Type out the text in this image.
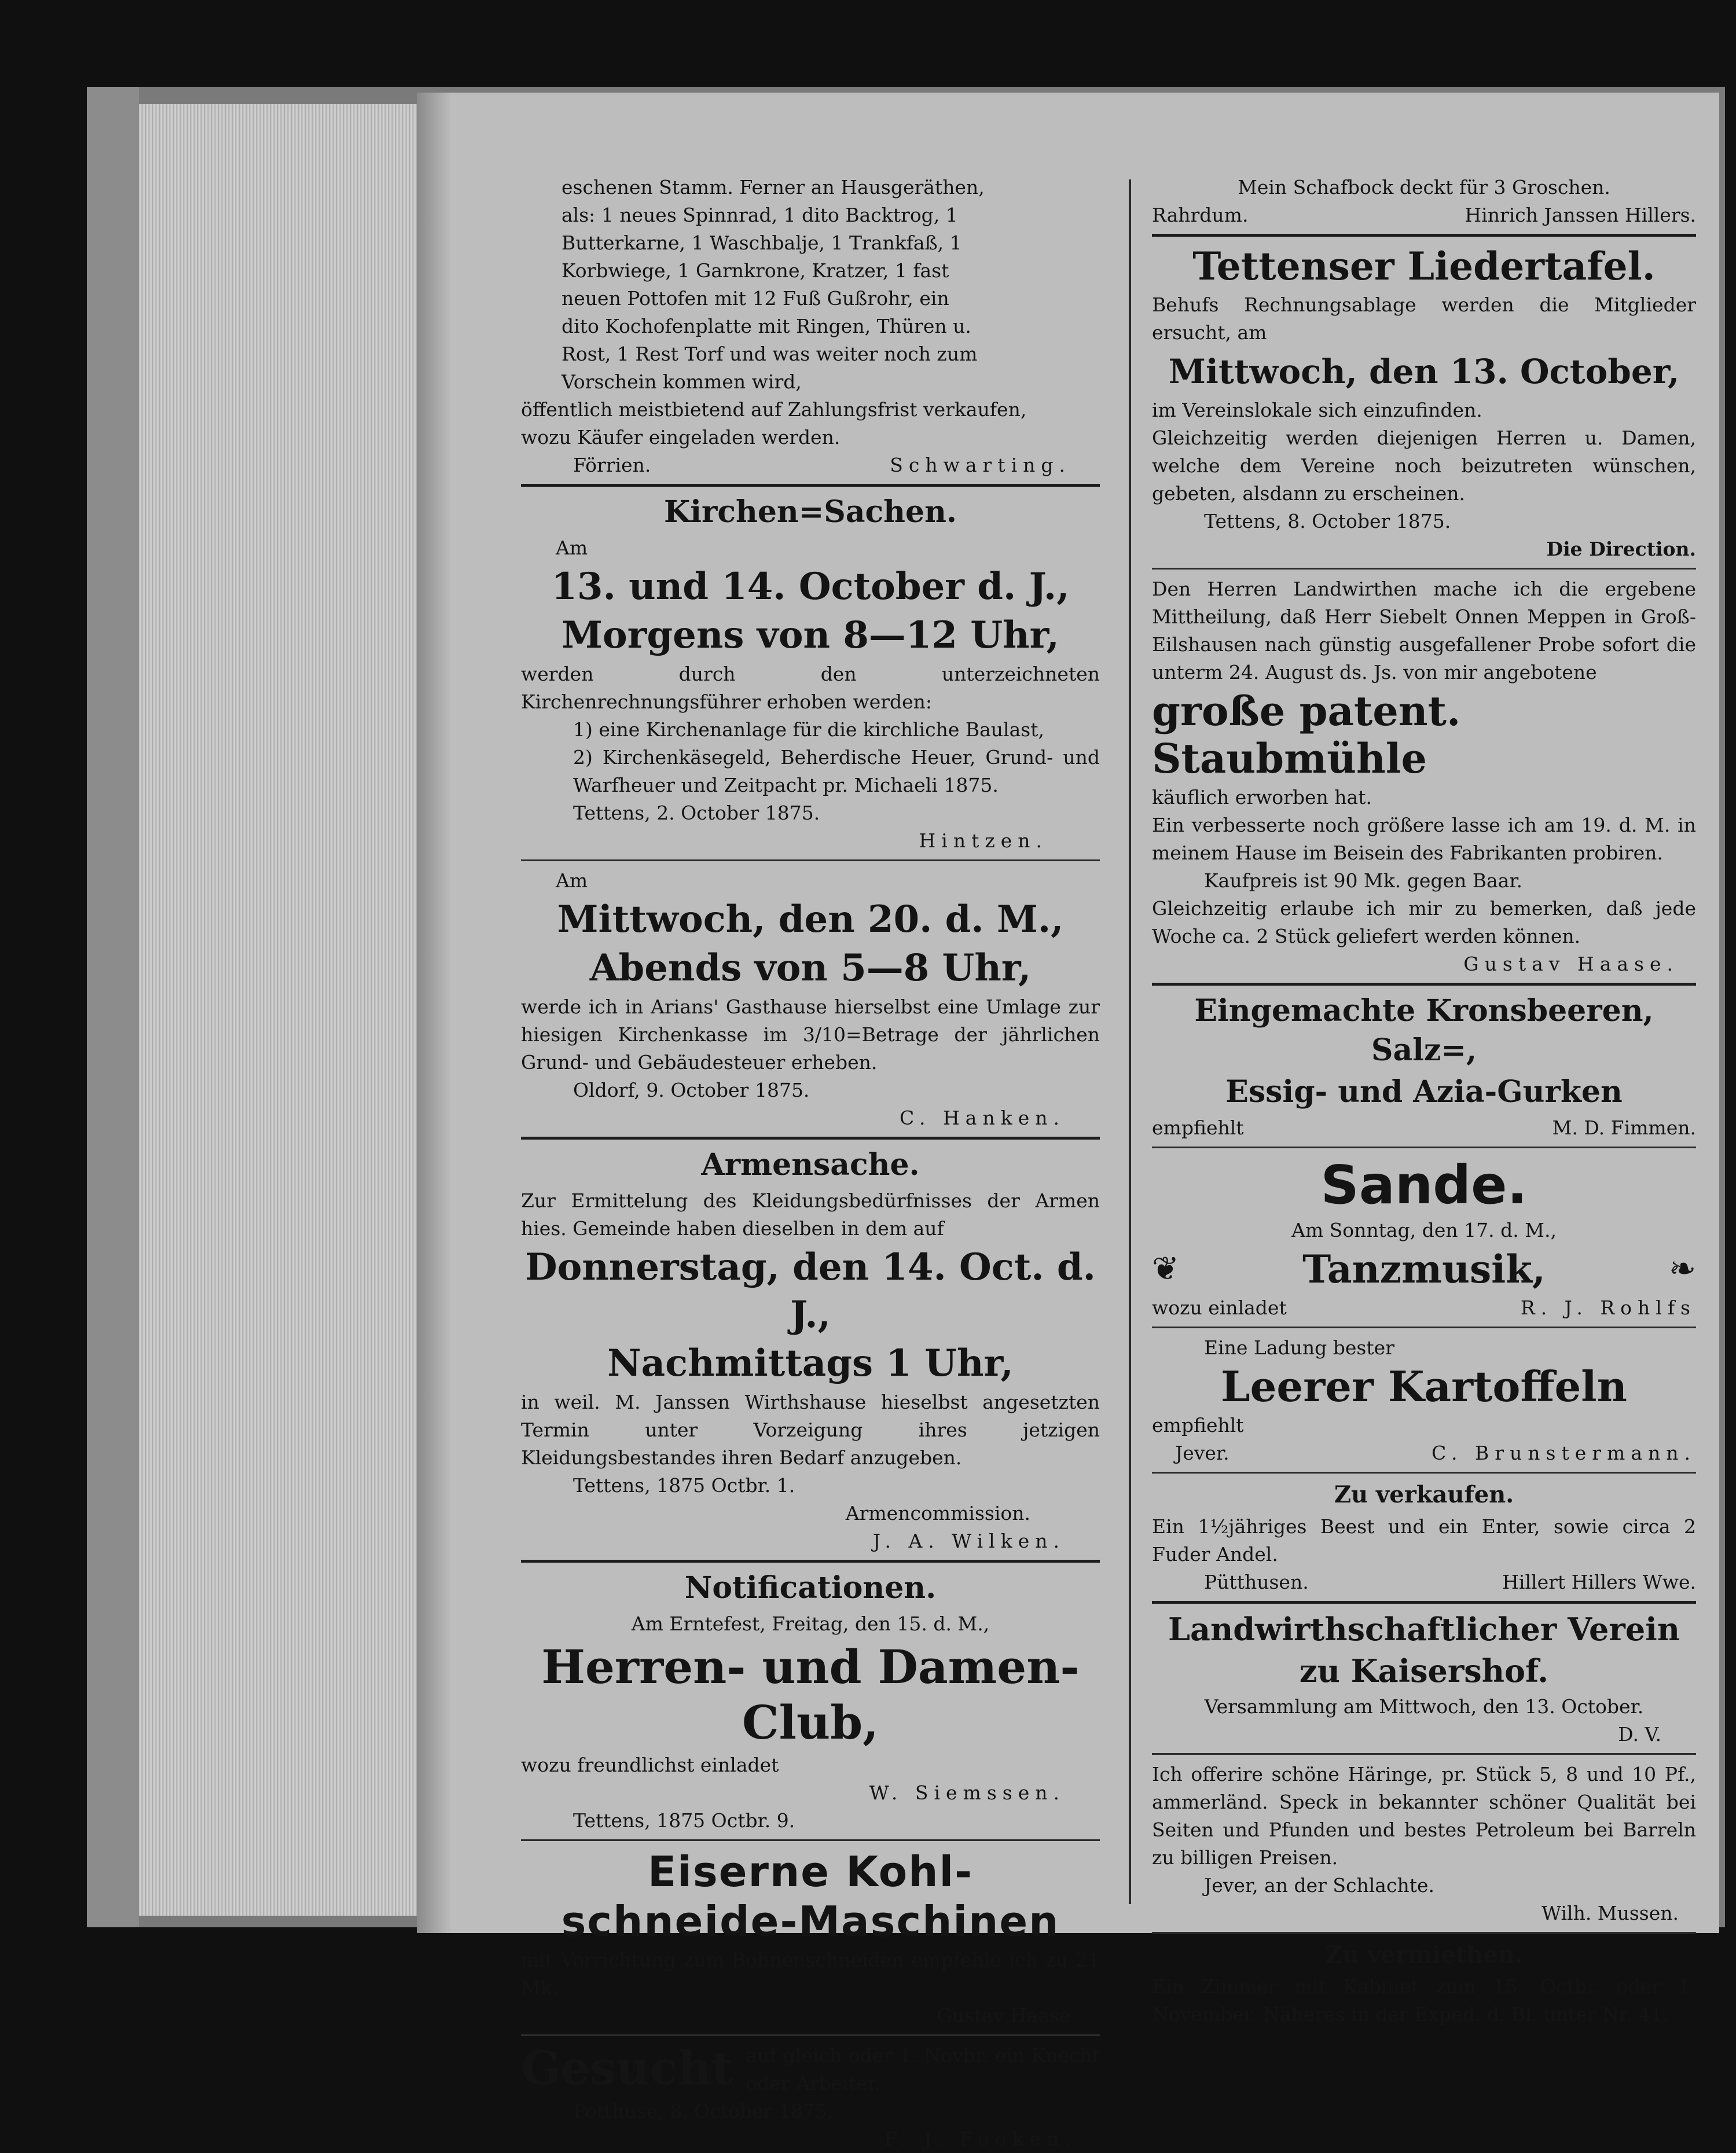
eschenen Stamm. Ferner an Hausgeräthen,

als: 1 neues Spinnrad, 1 dito Backtrog, 1

Butterkarne, 1 Waschbalje, 1 Trankfaß, 1

Korbwiege, 1 Garnkrone, Kratzer, 1 fast

neuen Pottofen mit 12 Fuß Gußrohr, ein

dito Kochofenplatte mit Ringen, Thüren u.

Rost, 1 Rest Torf und was weiter noch zum

Vorschein kommen wird,

öffentlich meistbietend auf Zahlungsfrist verkaufen,

wozu Käufer eingeladen werden.

Förrien.	Schwarting.
Kirchen=Sachen.

Am

13. und 14. October d. J.,
Morgens von 8—12 Uhr,

werden durch den unterzeichneten Kirchenrechnungsführer erhoben werden:

1) eine Kirchenanlage für die kirchliche Baulast,

2) Kirchenkäsegeld, Beherdische Heuer, Grund- und Warfheuer und Zeitpacht pr. Michaeli 1875.

Tettens, 2. October 1875.

Hintzen.

Am

Mittwoch, den 20. d. M.,
Abends von 5—8 Uhr,

werde ich in Arians' Gasthause hierselbst eine Umlage zur hiesigen Kirchenkasse im 3/10=Betrage der jährlichen Grund- und Gebäudesteuer erheben.

Oldorf, 9. October 1875.

C. Hanken.

Armensache.

Zur Ermittelung des Kleidungsbedürfnisses der Armen hies. Gemeinde haben dieselben in dem auf

Donnerstag, den 14. Oct. d. J.,
Nachmittags 1 Uhr,

in weil. M. Janssen Wirthshause hieselbst angesetzten Termin unter Vorzeigung ihres jetzigen Kleidungsbestandes ihren Bedarf anzugeben.

Tettens, 1875 Octbr. 1.

Armencommission.

J. A. Wilken.

Notificationen.

Am Erntefest, Freitag, den 15. d. M.,

Herren- und Damen-Club,

wozu freundlichst einladet

W. Siemssen.

Tettens, 1875 Octbr. 9.

Eiserne Kohl-
schneide-Maschinen

mit Vorrichtung zum Bohnenschneiden empfehle ich zu 21 Mk.

Gustav Haase.

Gesucht auf gleich oder 1. Novbr. ein Knecht oder Arbeiter.

Potthuse, 8. October 1875.

F. J. Fooken.

Mein Schafbock deckt für 3 Groschen.

Rahrdum.	Hinrich Janssen Hillers.
Tettenser Liedertafel.

Behufs Rechnungsablage werden die Mitglieder ersucht, am

Mittwoch, den 13. October,

im Vereinslokale sich einzufinden.

Gleichzeitig werden diejenigen Herren u. Damen, welche dem Vereine noch beizutreten wünschen, gebeten, alsdann zu erscheinen.

Tettens, 8. October 1875.

Die Direction.

Den Herren Landwirthen mache ich die ergebene Mittheilung, daß Herr Siebelt Onnen Meppen in Groß-Eilshausen nach günstig ausgefallener Probe sofort die unterm 24. August ds. Js. von mir angebotene

große patent. Staubmühle

käuflich erworben hat.

Ein verbesserte noch größere lasse ich am 19. d. M. in meinem Hause im Beisein des Fabrikanten probiren.

Kaufpreis ist 90 Mk. gegen Baar.

Gleichzeitig erlaube ich mir zu bemerken, daß jede Woche ca. 2 Stück geliefert werden können.

Gustav Haase.

Eingemachte Kronsbeeren, Salz=,
Essig- und Azia-Gurken
empfiehlt	M. D. Fimmen.
Sande.

Am Sonntag, den 17. d. M.,

❦	Tanzmusik,	❧
wozu einladet	R. J. Rohlfs

Eine Ladung bester

Leerer Kartoffeln

empfiehlt

Jever.	C. Brunstermann.
Zu verkaufen.

Ein 1½jähriges Beest und ein Enter, sowie circa 2 Fuder Andel.

Pütthusen.	Hillert Hillers Wwe.
Landwirthschaftlicher Verein
zu Kaisershof.

Versammlung am Mittwoch, den 13. October.

D. V.

Ich offerire schöne Häringe, pr. Stück 5, 8 und 10 Pf., ammerländ. Speck in bekannter schöner Qualität bei Seiten und Pfunden und bestes Petroleum bei Barreln zu billigen Preisen.

Jever, an der Schlachte.

Wilh. Mussen.

Zu vermiethen.

Ein Zimmer mit Kabinet zum 15. Octbr. oder 1. November. Näheres in der Exped. d. Bl. unter Nr. 41.
